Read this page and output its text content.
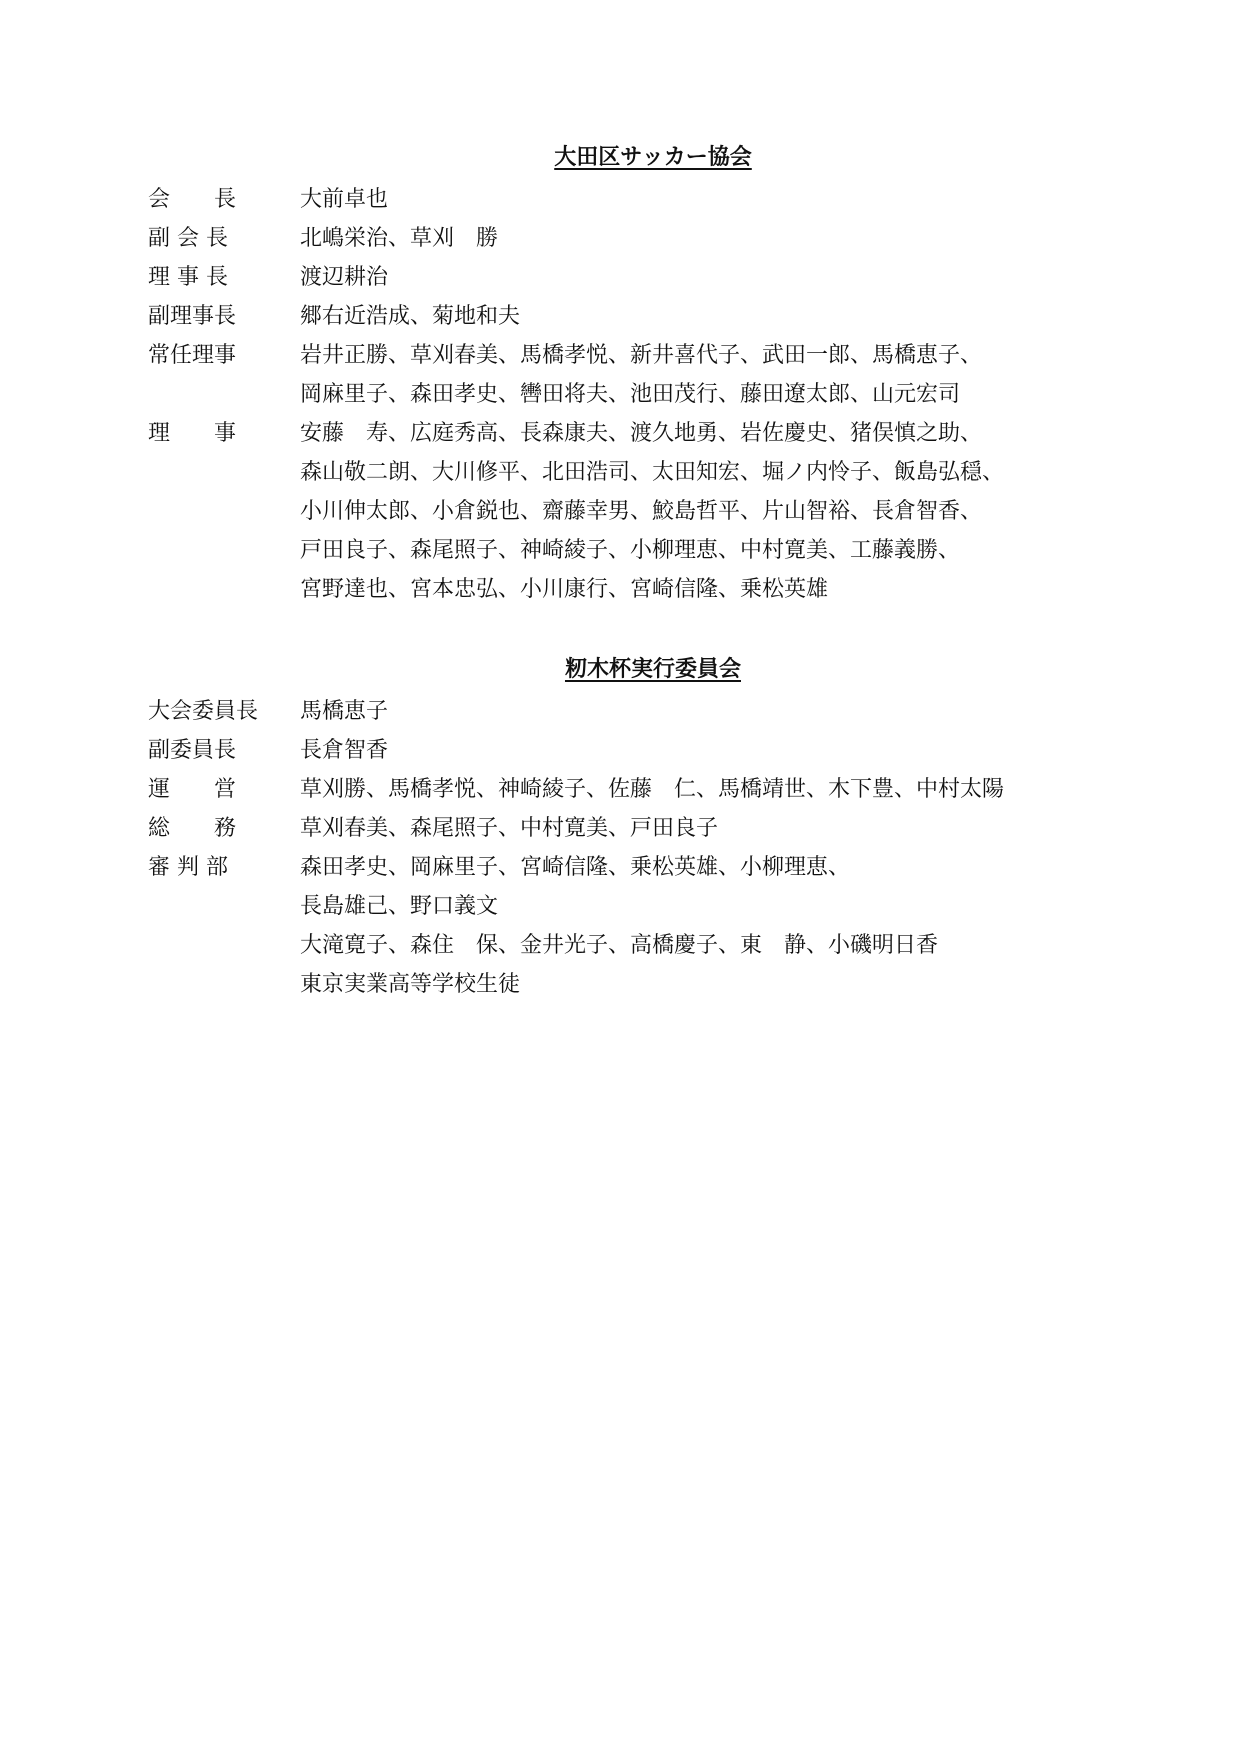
大田区サッカー協会
会　　長	大前卓也
副 会 長	北嶋栄治、草刈　勝
理 事 長	渡辺耕治
副理事長	郷右近浩成、菊地和夫
常任理事	岩井正勝、草刈春美、馬橋孝悦、新井喜代子、武田一郎、馬橋恵子、
岡麻里子、森田孝史、轡田将夫、池田茂行、藤田遼太郎、山元宏司
理　　事	安藤　寿、広庭秀高、長森康夫、渡久地勇、岩佐慶史、猪俣慎之助、
森山敬二朗、大川修平、北田浩司、太田知宏、堀ノ内怜子、飯島弘穏、
小川伸太郎、小倉鋭也、齋藤幸男、鮫島哲平、片山智裕、長倉智香、
戸田良子、森尾照子、神崎綾子、小柳理恵、中村寛美、工藤義勝、
宮野達也、宮本忠弘、小川康行、宮崎信隆、乗松英雄
籾木杯実行委員会
大会委員長	馬橋恵子
副委員長	長倉智香
運　　営	草刈勝、馬橋孝悦、神崎綾子、佐藤　仁、馬橋靖世、木下豊、中村太陽
総　　務	草刈春美、森尾照子、中村寛美、戸田良子
審 判 部	森田孝史、岡麻里子、宮崎信隆、乗松英雄、小柳理恵、
長島雄己、野口義文
大滝寛子、森住　保、金井光子、高橋慶子、東　静、小磯明日香
東京実業高等学校生徒
